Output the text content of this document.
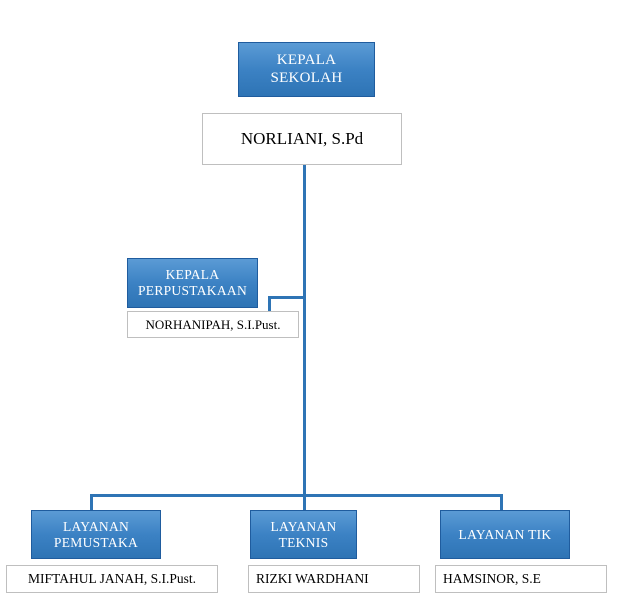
KEPALA
SEKOLAH
NORLIANI, S.Pd
KEPALA
PERPUSTAKAAN
NORHANIPAH, S.I.Pust.
LAYANAN
PEMUSTAKA
MIFTAHUL JANAH, S.I.Pust.
LAYANAN
TEKNIS
RIZKI WARDHANI
LAYANAN TIK
HAMSINOR, S.E
